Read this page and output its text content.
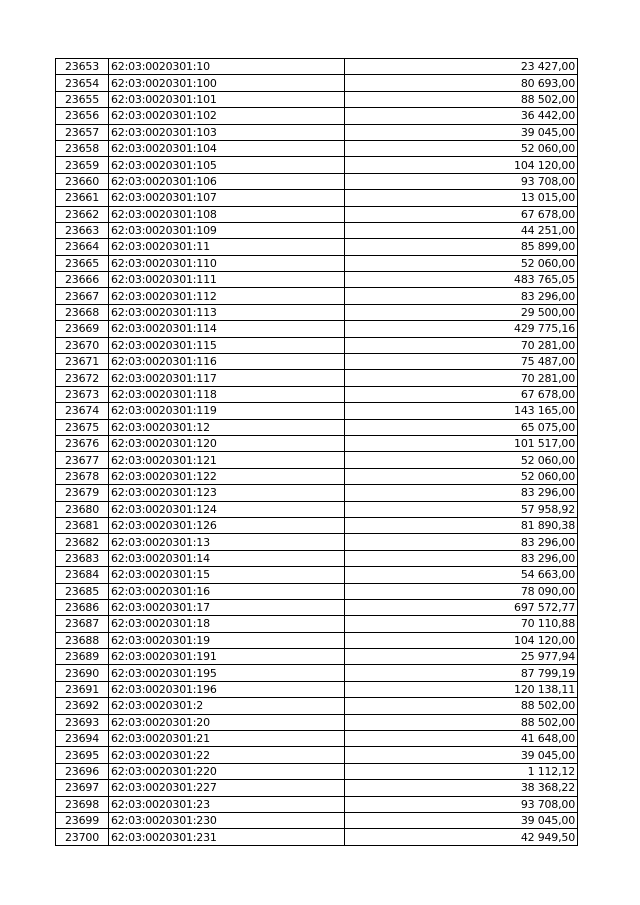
23653	62:03:0020301:10	23 427,00
23654	62:03:0020301:100	80 693,00
23655	62:03:0020301:101	88 502,00
23656	62:03:0020301:102	36 442,00
23657	62:03:0020301:103	39 045,00
23658	62:03:0020301:104	52 060,00
23659	62:03:0020301:105	104 120,00
23660	62:03:0020301:106	93 708,00
23661	62:03:0020301:107	13 015,00
23662	62:03:0020301:108	67 678,00
23663	62:03:0020301:109	44 251,00
23664	62:03:0020301:11	85 899,00
23665	62:03:0020301:110	52 060,00
23666	62:03:0020301:111	483 765,05
23667	62:03:0020301:112	83 296,00
23668	62:03:0020301:113	29 500,00
23669	62:03:0020301:114	429 775,16
23670	62:03:0020301:115	70 281,00
23671	62:03:0020301:116	75 487,00
23672	62:03:0020301:117	70 281,00
23673	62:03:0020301:118	67 678,00
23674	62:03:0020301:119	143 165,00
23675	62:03:0020301:12	65 075,00
23676	62:03:0020301:120	101 517,00
23677	62:03:0020301:121	52 060,00
23678	62:03:0020301:122	52 060,00
23679	62:03:0020301:123	83 296,00
23680	62:03:0020301:124	57 958,92
23681	62:03:0020301:126	81 890,38
23682	62:03:0020301:13	83 296,00
23683	62:03:0020301:14	83 296,00
23684	62:03:0020301:15	54 663,00
23685	62:03:0020301:16	78 090,00
23686	62:03:0020301:17	697 572,77
23687	62:03:0020301:18	70 110,88
23688	62:03:0020301:19	104 120,00
23689	62:03:0020301:191	25 977,94
23690	62:03:0020301:195	87 799,19
23691	62:03:0020301:196	120 138,11
23692	62:03:0020301:2	88 502,00
23693	62:03:0020301:20	88 502,00
23694	62:03:0020301:21	41 648,00
23695	62:03:0020301:22	39 045,00
23696	62:03:0020301:220	1 112,12
23697	62:03:0020301:227	38 368,22
23698	62:03:0020301:23	93 708,00
23699	62:03:0020301:230	39 045,00
23700	62:03:0020301:231	42 949,50
